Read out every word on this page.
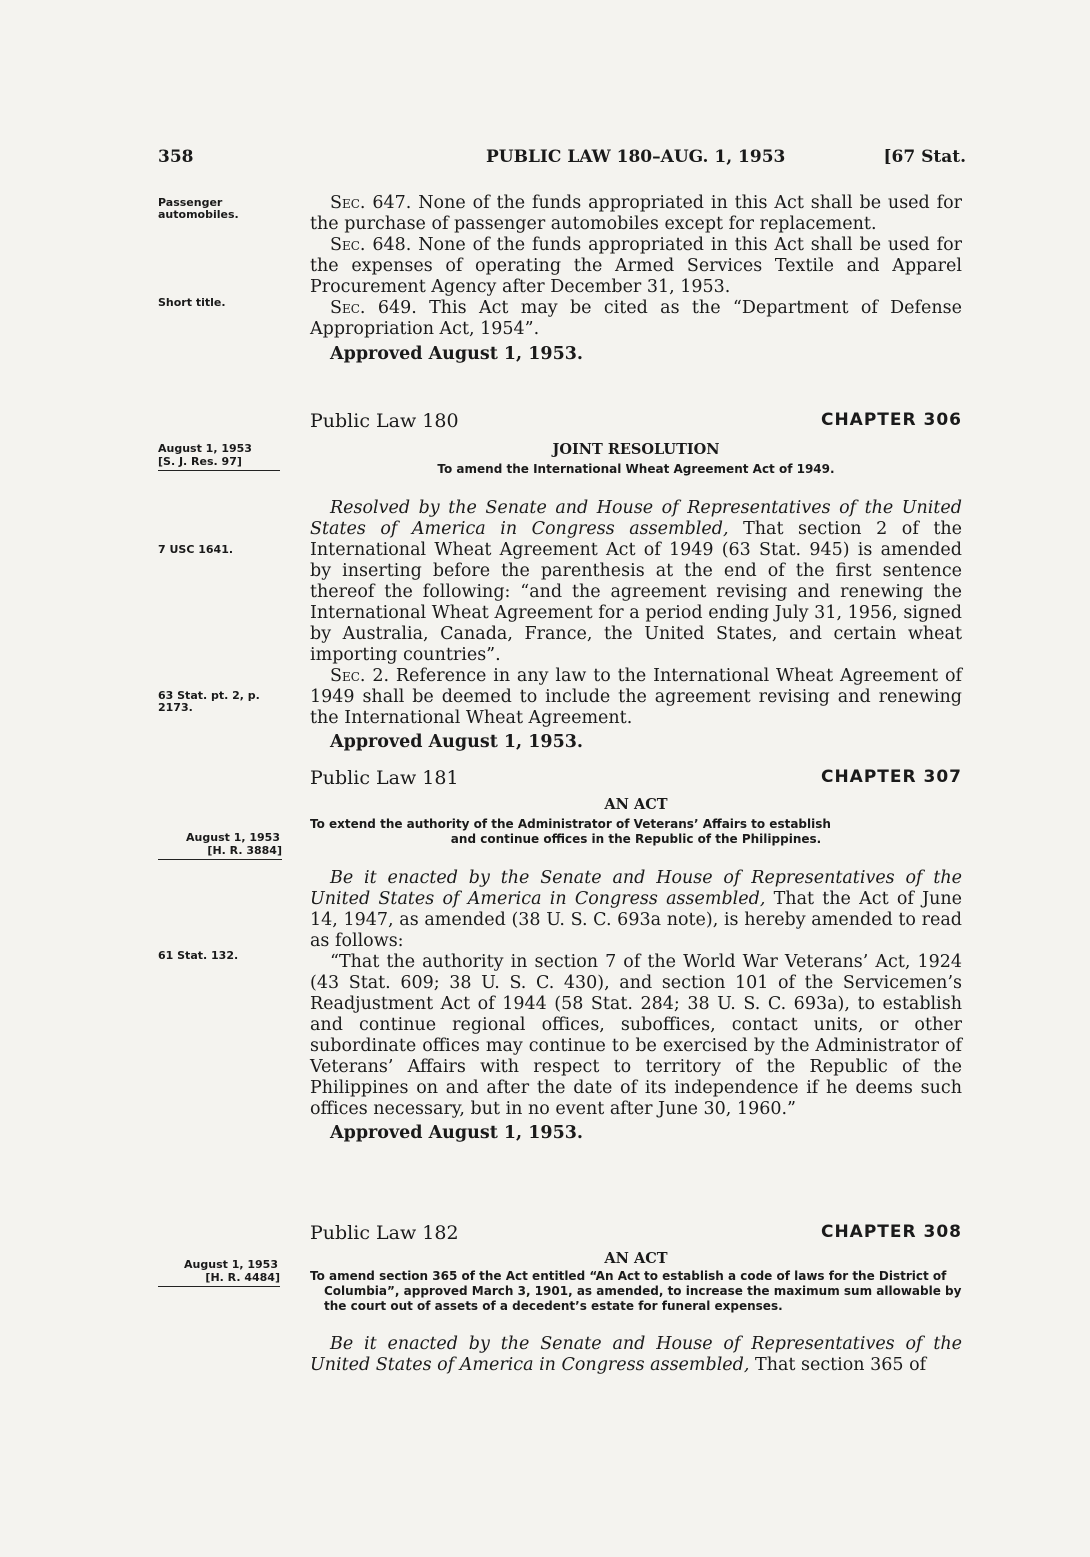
358	PUBLIC LAW 180–AUG. 1, 1953	[67 Stat.
Passenger automobiles.
Short title.
August 1, 1953
[S. J. Res. 97]
7 USC 1641.
63 Stat. pt. 2, p. 2173.
August 1, 1953
[H. R. 3884]
61 Stat. 132.
August 1, 1953
[H. R. 4484]

Sec. 647. None of the funds appropriated in this Act shall be used for the purchase of passenger automobiles except for replacement.

Sec. 648. None of the funds appropriated in this Act shall be used for the expenses of operating the Armed Services Textile and Apparel Procurement Agency after December 31, 1953.

Sec. 649. This Act may be cited as the “Department of Defense Appropriation Act, 1954”.

Approved August 1, 1953.
Public Law 180	CHAPTER 306
JOINT RESOLUTION
To amend the International Wheat Agreement Act of 1949.

Resolved by the Senate and House of Representatives of the United States of America in Congress assembled, That section 2 of the International Wheat Agreement Act of 1949 (63 Stat. 945) is amended by inserting before the parenthesis at the end of the first sentence thereof the following: “and the agreement revising and renewing the International Wheat Agreement for a period ending July 31, 1956, signed by Australia, Canada, France, the United States, and certain wheat importing countries”.

Sec. 2. Reference in any law to the International Wheat Agreement of 1949 shall be deemed to include the agreement revising and renewing the International Wheat Agreement.

Approved August 1, 1953.
Public Law 181	CHAPTER 307
AN ACT
To extend the authority of the Administrator of Veterans’ Affairs to establish
and continue offices in the Republic of the Philippines.

Be it enacted by the Senate and House of Representatives of the United States of America in Congress assembled, That the Act of June 14, 1947, as amended (38 U. S. C. 693a note), is hereby amended to read as follows:

“That the authority in section 7 of the World War Veterans’ Act, 1924 (43 Stat. 609; 38 U. S. C. 430), and section 101 of the Servicemen’s Readjustment Act of 1944 (58 Stat. 284; 38 U. S. C. 693a), to establish and continue regional offices, suboffices, contact units, or other subordinate offices may continue to be exercised by the Administrator of Veterans’ Affairs with respect to territory of the Republic of the Philippines on and after the date of its independence if he deems such offices necessary, but in no event after June 30, 1960.”

Approved August 1, 1953.
Public Law 182	CHAPTER 308
AN ACT
To amend section 365 of the Act entitled “An Act to establish a code of laws for the District of Columbia”, approved March 3, 1901, as amended, to increase the maximum sum allowable by the court out of assets of a decedent’s estate for funeral expenses.

Be it enacted by the Senate and House of Representatives of the United States of America in Congress assembled, That section 365 of
